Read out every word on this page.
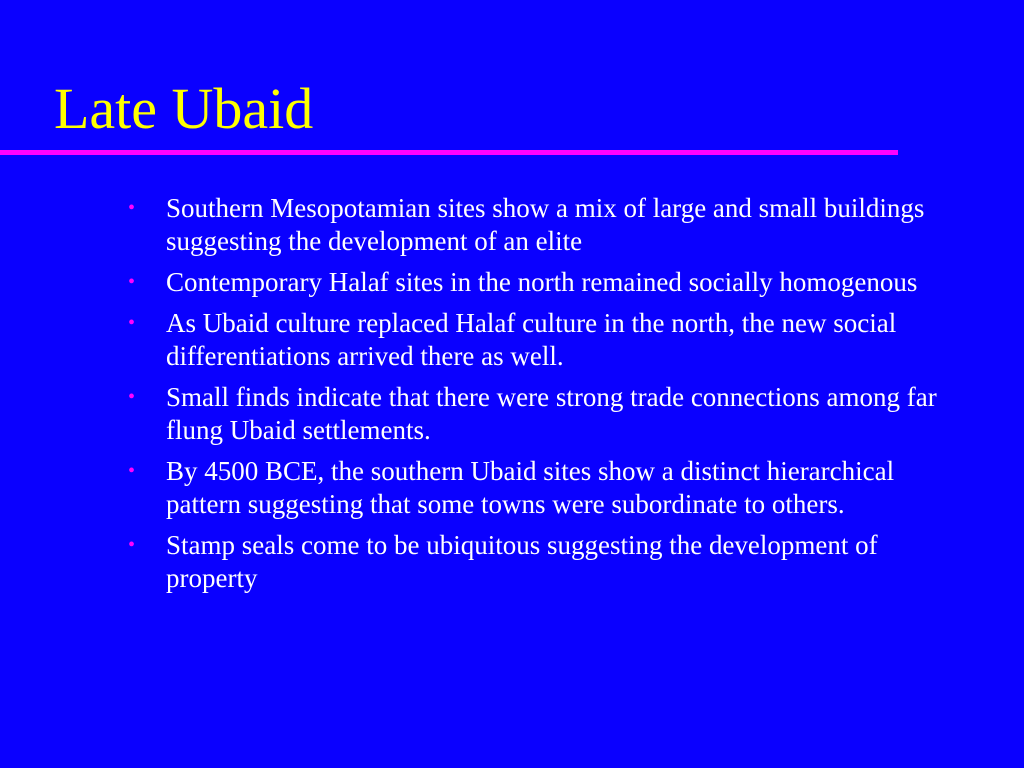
Late Ubaid
• Southern Mesopotamian sites show a mix of large and small buildings suggesting the development of an elite
• Contemporary Halaf sites in the north remained socially homogenous
• As Ubaid culture replaced Halaf culture in the north, the new social differentiations arrived there as well.
• Small finds indicate that there were strong trade connections among far flung Ubaid settlements.
• By 4500 BCE, the southern Ubaid sites show a distinct hierarchical pattern suggesting that some towns were subordinate to others.
• Stamp seals come to be ubiquitous suggesting the development of property
